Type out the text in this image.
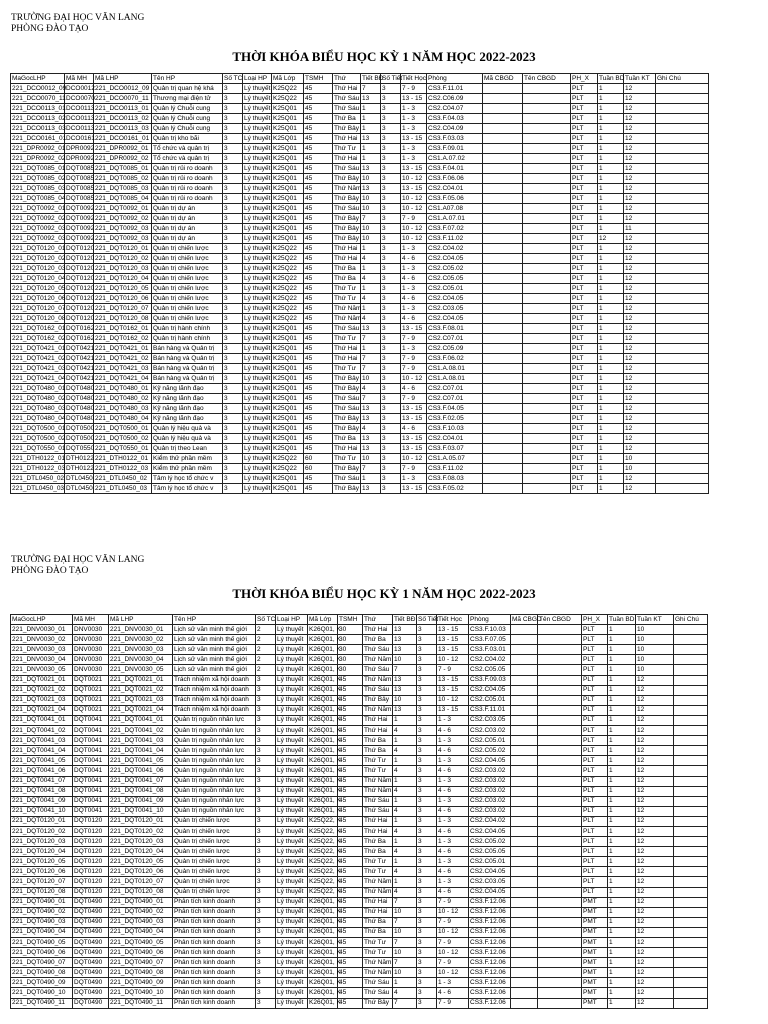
TRƯỜNG ĐẠI HỌC VĂN LANG
PHÒNG ĐÀO TẠO
THỜI KHÓA BIỂU HỌC KỲ 1 NĂM HỌC 2022-2023
MaGocLHP	Mã MH	Mã LHP	Tên HP	Số TC	Loại HP	Mã Lớp	TSMH	Thứ	Tiết BĐ	Số Tiết	Tiết Học	Phòng	Mã CBGD	Tên CBGD	PH_X	Tuần BD	Tuần KT	Ghi Chú
221_DCO0012_09	DCO0012	221_DCO0012_09	Quản trị quan hệ khá	3	Lý thuyết	K25Q22	45	Thứ Hai	7	3	7 - 9	CS3.F.11.01			PLT	1	12	
221_DCO0070_11	DCO0070	221_DCO0070_11	Thương mại điện tử	3	Lý thuyết	K25Q22	45	Thứ Sáu	13	3	13 - 15	CS2.C06.09			PLT	1	12	
221_DCO0113_01	DCO0113	221_DCO0113_01	Quản lý Chuỗi cung	3	Lý thuyết	K25Q01	45	Thứ Sáu	1	3	1 - 3	CS2.C04.07			PLT	1	12	
221_DCO0113_02	DCO0113	221_DCO0113_02	Quản lý Chuỗi cung	3	Lý thuyết	K25Q01	45	Thứ Ba	1	3	1 - 3	CS3.F.04.03			PLT	1	12	
221_DCO0113_03	DCO0113	221_DCO0113_03	Quản lý Chuỗi cung	3	Lý thuyết	K25Q01	45	Thứ Bảy	1	3	1 - 3	CS2.C04.09			PLT	1	12	
221_DCO0161_01	DCO0161	221_DCO0161_01	Quản trị kho bãi	3	Lý thuyết	K25Q01	45	Thứ Hai	13	3	13 - 15	CS3.F.03.03			PLT	1	12	
221_DPR0092_01	DPR0092	221_DPR0092_01	Tổ chức và quản trị	3	Lý thuyết	K25Q01	45	Thứ Tư	1	3	1 - 3	CS3.F.09.01			PLT	1	12	
221_DPR0092_02	DPR0092	221_DPR0092_02	Tổ chức và quản trị	3	Lý thuyết	K25Q01	45	Thứ Hai	1	3	1 - 3	CS1.A.07.02			PLT	1	12	
221_DQT0085_01	DQT0085	221_DQT0085_01	Quản trị rủi ro doanh	3	Lý thuyết	K25Q01	45	Thứ Sáu	13	3	13 - 15	CS3.F.04.01			PLT	1	12	
221_DQT0085_02	DQT0085	221_DQT0085_02	Quản trị rủi ro doanh	3	Lý thuyết	K25Q01	45	Thứ Bảy	10	3	10 - 12	CS3.F.06.06			PLT	1	12	
221_DQT0085_03	DQT0085	221_DQT0085_03	Quản trị rủi ro doanh	3	Lý thuyết	K25Q01	45	Thứ Năm	13	3	13 - 15	CS2.C04.01			PLT	1	12	
221_DQT0085_04	DQT0085	221_DQT0085_04	Quản trị rủi ro doanh	3	Lý thuyết	K25Q01	45	Thứ Bảy	10	3	10 - 12	CS3.F.05.06			PLT	1	12	
221_DQT0092_01	DQT0092	221_DQT0092_01	Quản trị dự án	3	Lý thuyết	K25Q01	45	Thứ Sáu	10	3	10 - 12	CS1.A07.08			PLT	1	12	
221_DQT0092_02	DQT0092	221_DQT0092_02	Quản trị dự án	3	Lý thuyết	K25Q01	45	Thứ Bảy	7	3	7 - 9	CS1.A.07.01			PLT	1	12	
221_DQT0092_03	DQT0092	221_DQT0092_03	Quản trị dự án	3	Lý thuyết	K25Q01	45	Thứ Bảy	10	3	10 - 12	CS3.F.07.02			PLT	1	11	
221_DQT0092_03	DQT0092	221_DQT0092_03	Quản trị dự án	3	Lý thuyết	K25Q01	45	Thứ Bảy	10	3	10 - 12	CS3.F.11.02			PLT	12	12	
221_DQT0120_01	DQT0120	221_DQT0120_01	Quản trị chiến lược	3	Lý thuyết	K25Q22	45	Thứ Hai	1	3	1 - 3	CS2.C04.02			PLT	1	12	
221_DQT0120_02	DQT0120	221_DQT0120_02	Quản trị chiến lược	3	Lý thuyết	K25Q22	45	Thứ Hai	4	3	4 - 6	CS2.C04.05			PLT	1	12	
221_DQT0120_03	DQT0120	221_DQT0120_03	Quản trị chiến lược	3	Lý thuyết	K25Q22	45	Thứ Ba	1	3	1 - 3	CS2.C05.02			PLT	1	12	
221_DQT0120_04	DQT0120	221_DQT0120_04	Quản trị chiến lược	3	Lý thuyết	K25Q22	45	Thứ Ba	4	3	4 - 6	CS2.C05.05			PLT	1	12	
221_DQT0120_05	DQT0120	221_DQT0120_05	Quản trị chiến lược	3	Lý thuyết	K25Q22	45	Thứ Tư	1	3	1 - 3	CS2.C05.01			PLT	1	12	
221_DQT0120_06	DQT0120	221_DQT0120_06	Quản trị chiến lược	3	Lý thuyết	K25Q22	45	Thứ Tư	4	3	4 - 6	CS2.C04.05			PLT	1	12	
221_DQT0120_07	DQT0120	221_DQT0120_07	Quản trị chiến lược	3	Lý thuyết	K25Q22	45	Thứ Năm	1	3	1 - 3	CS2.C03.05			PLT	1	12	
221_DQT0120_08	DQT0120	221_DQT0120_08	Quản trị chiến lược	3	Lý thuyết	K25Q22	45	Thứ Năm	4	3	4 - 6	CS2.C04.05			PLT	1	12	
221_DQT0162_01	DQT0162	221_DQT0162_01	Quản trị hành chính	3	Lý thuyết	K25Q01	45	Thứ Sáu	13	3	13 - 15	CS3.F.08.01			PLT	1	12	
221_DQT0162_02	DQT0162	221_DQT0162_02	Quản trị hành chính	3	Lý thuyết	K25Q01	45	Thứ Tư	7	3	7 - 9	CS2.C07.01			PLT	1	12	
221_DQT0421_01	DQT0421	221_DQT0421_01	Bán hàng và Quản trị	3	Lý thuyết	K25Q01	45	Thứ Hai	1	3	1 - 3	CS2.C05.09			PLT	1	12	
221_DQT0421_02	DQT0421	221_DQT0421_02	Bán hàng và Quản trị	3	Lý thuyết	K25Q01	45	Thứ Hai	7	3	7 - 9	CS3.F.06.02			PLT	1	12	
221_DQT0421_03	DQT0421	221_DQT0421_03	Bán hàng và Quản trị	3	Lý thuyết	K25Q01	45	Thứ Tư	7	3	7 - 9	CS1.A.08.01			PLT	1	12	
221_DQT0421_04	DQT0421	221_DQT0421_04	Bán hàng và Quản trị	3	Lý thuyết	K25Q01	45	Thứ Bảy	10	3	10 - 12	CS1.A.08.01			PLT	1	12	
221_DQT0480_01	DQT0480	221_DQT0480_01	Kỹ năng lãnh đạo	3	Lý thuyết	K25Q01	45	Thứ Bảy	4	3	4 - 6	CS2.C07.01			PLT	1	12	
221_DQT0480_02	DQT0480	221_DQT0480_02	Kỹ năng lãnh đạo	3	Lý thuyết	K25Q01	45	Thứ Sáu	7	3	7 - 9	CS2.C07.01			PLT	1	12	
221_DQT0480_03	DQT0480	221_DQT0480_03	Kỹ năng lãnh đạo	3	Lý thuyết	K25Q01	45	Thứ Sáu	13	3	13 - 15	CS3.F.04.05			PLT	1	12	
221_DQT0480_04	DQT0480	221_DQT0480_04	Kỹ năng lãnh đạo	3	Lý thuyết	K25Q01	45	Thứ Bảy	13	3	13 - 15	CS3.F.02.05			PLT	1	12	
221_DQT0500_01	DQT0500	221_DQT0500_01	Quản lý hiệu quả và	3	Lý thuyết	K25Q01	45	Thứ Bảy	4	3	4 - 6	CS3.F.10.03			PLT	1	12	
221_DQT0500_02	DQT0500	221_DQT0500_02	Quản lý hiệu quả và	3	Lý thuyết	K25Q01	45	Thứ Ba	13	3	13 - 15	CS2.C04.01			PLT	1	12	
221_DQT0550_01	DQT0550	221_DQT0550_01	Quản trị theo Lean	3	Lý thuyết	K25Q01	45	Thứ Hai	13	3	13 - 15	CS3.F.03.07			PLT	1	12	
221_DTH0122_01	DTH0122	221_DTH0122_01	Kiểm thử phần mềm	3	Lý thuyết	K25Q22	60	Thứ Tư	10	3	10 - 12	CS1.A.05.07			PLT	1	10	
221_DTH0122_03	DTH0122	221_DTH0122_03	Kiểm thử phần mềm	3	Lý thuyết	K25Q22	60	Thứ Bảy	7	3	7 - 9	CS3.F.11.02			PLT	1	10	
221_DTL0450_02	DTL0450	221_DTL0450_02	Tâm lý học tổ chức v	3	Lý thuyết	K25Q01	45	Thứ Sáu	1	3	1 - 3	CS3.F.08.03			PLT	1	12	
221_DTL0450_03	DTL0450	221_DTL0450_03	Tâm lý học tổ chức v	3	Lý thuyết	K25Q01	45	Thứ Bảy	13	3	13 - 15	CS3.F.05.02			PLT	1	12	
TRƯỜNG ĐẠI HỌC VĂN LANG
PHÒNG ĐÀO TẠO
THỜI KHÓA BIỂU HỌC KỲ 1 NĂM HỌC 2022-2023
MaGocLHP	Mã MH	Mã LHP	Tên HP	Số TC	Loại HP	Mã Lớp	TSMH	Thứ	Tiết BĐ	Số Tiết	Tiết Học	Phòng	Mã CBGD	Tên CBGD	PH_X	Tuần BD	Tuần KT	Ghi Chú
221_DNV0030_01	DNV0030	221_DNV0030_01	Lịch sử văn minh thế giới	2	Lý thuyết	K26Q01, K	30	Thứ Hai	13	3	13 - 15	CS3.F.10.03			PLT	1	10	
221_DNV0030_02	DNV0030	221_DNV0030_02	Lịch sử văn minh thế giới	2	Lý thuyết	K26Q01, K	30	Thứ Ba	13	3	13 - 15	CS3.F.07.05			PLT	1	10	
221_DNV0030_03	DNV0030	221_DNV0030_03	Lịch sử văn minh thế giới	2	Lý thuyết	K26Q01, K	30	Thứ Sáu	13	3	13 - 15	CS3.F.03.01			PLT	1	10	
221_DNV0030_04	DNV0030	221_DNV0030_04	Lịch sử văn minh thế giới	2	Lý thuyết	K26Q01, K	30	Thứ Năm	10	3	10 - 12	CS2.C04.02			PLT	1	10	
221_DNV0030_05	DNV0030	221_DNV0030_05	Lịch sử văn minh thế giới	2	Lý thuyết	K26Q01, K	30	Thứ Sáu	7	3	7 - 9	CS2.C05.05			PLT	1	10	
221_DQT0021_01	DQT0021	221_DQT0021_01	Trách nhiệm xã hội doanh	3	Lý thuyết	K26Q01, K	45	Thứ Năm	13	3	13 - 15	CS3.F.09.03			PLT	1	12	
221_DQT0021_02	DQT0021	221_DQT0021_02	Trách nhiệm xã hội doanh	3	Lý thuyết	K26Q01, K	45	Thứ Sáu	13	3	13 - 15	CS2.C04.05			PLT	1	12	
221_DQT0021_03	DQT0021	221_DQT0021_03	Trách nhiệm xã hội doanh	3	Lý thuyết	K26Q01, K	45	Thứ Bảy	10	3	10 - 12	CS2.C05.01			PLT	1	12	
221_DQT0021_04	DQT0021	221_DQT0021_04	Trách nhiệm xã hội doanh	3	Lý thuyết	K26Q01, K	45	Thứ Năm	13	3	13 - 15	CS3.F.11.01			PLT	1	12	
221_DQT0041_01	DQT0041	221_DQT0041_01	Quản trị nguồn nhân lực	3	Lý thuyết	K26Q01, K	45	Thứ Hai	1	3	1 - 3	CS2.C03.05			PLT	1	12	
221_DQT0041_02	DQT0041	221_DQT0041_02	Quản trị nguồn nhân lực	3	Lý thuyết	K26Q01, K	45	Thứ Hai	4	3	4 - 6	CS2.C03.02			PLT	1	12	
221_DQT0041_03	DQT0041	221_DQT0041_03	Quản trị nguồn nhân lực	3	Lý thuyết	K26Q01, K	45	Thứ Ba	1	3	1 - 3	CS2.C05.01			PLT	1	12	
221_DQT0041_04	DQT0041	221_DQT0041_04	Quản trị nguồn nhân lực	3	Lý thuyết	K26Q01, K	45	Thứ Ba	4	3	4 - 6	CS2.C05.02			PLT	1	12	
221_DQT0041_05	DQT0041	221_DQT0041_05	Quản trị nguồn nhân lực	3	Lý thuyết	K26Q01, K	45	Thứ Tư	1	3	1 - 3	CS2.C04.05			PLT	1	12	
221_DQT0041_06	DQT0041	221_DQT0041_06	Quản trị nguồn nhân lực	3	Lý thuyết	K26Q01, K	45	Thứ Tư	4	3	4 - 6	CS2.C03.02			PLT	1	12	
221_DQT0041_07	DQT0041	221_DQT0041_07	Quản trị nguồn nhân lực	3	Lý thuyết	K26Q01, K	45	Thứ Năm	1	3	1 - 3	CS2.C03.02			PLT	1	12	
221_DQT0041_08	DQT0041	221_DQT0041_08	Quản trị nguồn nhân lực	3	Lý thuyết	K26Q01, K	45	Thứ Năm	4	3	4 - 6	CS2.C03.02			PLT	1	12	
221_DQT0041_09	DQT0041	221_DQT0041_09	Quản trị nguồn nhân lực	3	Lý thuyết	K26Q01, K	45	Thứ Sáu	1	3	1 - 3	CS2.C03.02			PLT	1	12	
221_DQT0041_10	DQT0041	221_DQT0041_10	Quản trị nguồn nhân lực	3	Lý thuyết	K26Q01, K	45	Thứ Sáu	4	3	4 - 6	CS2.C03.02			PLT	1	12	
221_DQT0120_01	DQT0120	221_DQT0120_01	Quản trị chiến lược	3	Lý thuyết	K25Q22, K	45	Thứ Hai	1	3	1 - 3	CS2.C04.02			PLT	1	12	
221_DQT0120_02	DQT0120	221_DQT0120_02	Quản trị chiến lược	3	Lý thuyết	K25Q22, K	45	Thứ Hai	4	3	4 - 6	CS2.C04.05			PLT	1	12	
221_DQT0120_03	DQT0120	221_DQT0120_03	Quản trị chiến lược	3	Lý thuyết	K25Q22, K	45	Thứ Ba	1	3	1 - 3	CS2.C05.02			PLT	1	12	
221_DQT0120_04	DQT0120	221_DQT0120_04	Quản trị chiến lược	3	Lý thuyết	K25Q22, K	45	Thứ Ba	4	3	4 - 6	CS2.C05.05			PLT	1	12	
221_DQT0120_05	DQT0120	221_DQT0120_05	Quản trị chiến lược	3	Lý thuyết	K25Q22, K	45	Thứ Tư	1	3	1 - 3	CS2.C05.01			PLT	1	12	
221_DQT0120_06	DQT0120	221_DQT0120_06	Quản trị chiến lược	3	Lý thuyết	K25Q22, K	45	Thứ Tư	4	3	4 - 6	CS2.C04.05			PLT	1	12	
221_DQT0120_07	DQT0120	221_DQT0120_07	Quản trị chiến lược	3	Lý thuyết	K25Q22, K	45	Thứ Năm	1	3	1 - 3	CS2.C03.05			PLT	1	12	
221_DQT0120_08	DQT0120	221_DQT0120_08	Quản trị chiến lược	3	Lý thuyết	K25Q22, K	45	Thứ Năm	4	3	4 - 6	CS2.C04.05			PLT	1	12	
221_DQT0490_01	DQT0490	221_DQT0490_01	Phân tích kinh doanh	3	Lý thuyết	K26Q01, K	45	Thứ Hai	7	3	7 - 9	CS3.F.12.06			PMT	1	12	
221_DQT0490_02	DQT0490	221_DQT0490_02	Phân tích kinh doanh	3	Lý thuyết	K26Q01, K	45	Thứ Hai	10	3	10 - 12	CS3.F.12.06			PMT	1	12	
221_DQT0490_03	DQT0490	221_DQT0490_03	Phân tích kinh doanh	3	Lý thuyết	K26Q01, K	45	Thứ Ba	7	3	7 - 9	CS3.F.12.06			PMT	1	12	
221_DQT0490_04	DQT0490	221_DQT0490_04	Phân tích kinh doanh	3	Lý thuyết	K26Q01, K	45	Thứ Ba	10	3	10 - 12	CS3.F.12.06			PMT	1	12	
221_DQT0490_05	DQT0490	221_DQT0490_05	Phân tích kinh doanh	3	Lý thuyết	K26Q01, K	45	Thứ Tư	7	3	7 - 9	CS3.F.12.06			PMT	1	12	
221_DQT0490_06	DQT0490	221_DQT0490_06	Phân tích kinh doanh	3	Lý thuyết	K26Q01, K	45	Thứ Tư	10	3	10 - 12	CS3.F.12.06			PMT	1	12	
221_DQT0490_07	DQT0490	221_DQT0490_07	Phân tích kinh doanh	3	Lý thuyết	K26Q01, K	45	Thứ Năm	7	3	7 - 9	CS3.F.12.06			PMT	1	12	
221_DQT0490_08	DQT0490	221_DQT0490_08	Phân tích kinh doanh	3	Lý thuyết	K26Q01, K	45	Thứ Năm	10	3	10 - 12	CS3.F.12.06			PMT	1	12	
221_DQT0490_09	DQT0490	221_DQT0490_09	Phân tích kinh doanh	3	Lý thuyết	K26Q01, K	45	Thứ Sáu	1	3	1 - 3	CS3.F.12.06			PMT	1	12	
221_DQT0490_10	DQT0490	221_DQT0490_10	Phân tích kinh doanh	3	Lý thuyết	K26Q01, K	45	Thứ Sáu	4	3	4 - 6	CS3.F.12.06			PMT	1	12	
221_DQT0490_11	DQT0490	221_DQT0490_11	Phân tích kinh doanh	3	Lý thuyết	K26Q01, K	45	Thứ Bảy	7	3	7 - 9	CS3.F.12.06			PMT	1	12	
